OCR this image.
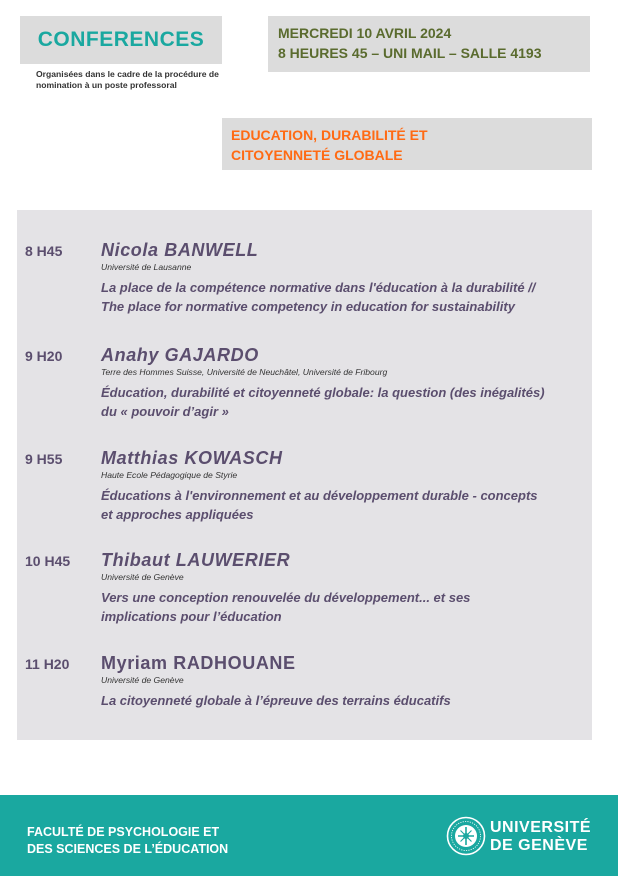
CONFERENCES
Organisées dans le cadre de la procédure de nomination à un poste professoral
MERCREDI 10 AVRIL 2024
8 HEURES 45 – UNI MAIL – SALLE 4193
EDUCATION, DURABILITÉ ET
CITOYENNETÉ GLOBALE
8 H45 Nicola BANWELL
Université de Lausanne
La place de la compétence normative dans l'éducation à la durabilité //
The place for normative competency in education for sustainability
9 H20 Anahy GAJARDO
Terre des Hommes Suisse, Université de Neuchâtel, Université de Fribourg
Éducation, durabilité et citoyenneté globale: la question (des inégalités)
du « pouvoir d’agir »
9 H55 Matthias KOWASCH
Haute Ecole Pédagogique de Styrie
Éducations à l'environnement et au développement durable - concepts
et approches appliquées
10 H45 Thibaut LAUWERIER
Université de Genève
Vers une conception renouvelée du développement... et ses
implications pour l’éducation
11 H20 Myriam RADHOUANE
Université de Genève
La citoyenneté globale à l’épreuve des terrains éducatifs
FACULTÉ DE PSYCHOLOGIE ET
DES SCIENCES DE L’ÉDUCATION
UNIVERSITÉ
DE GENÈVE
